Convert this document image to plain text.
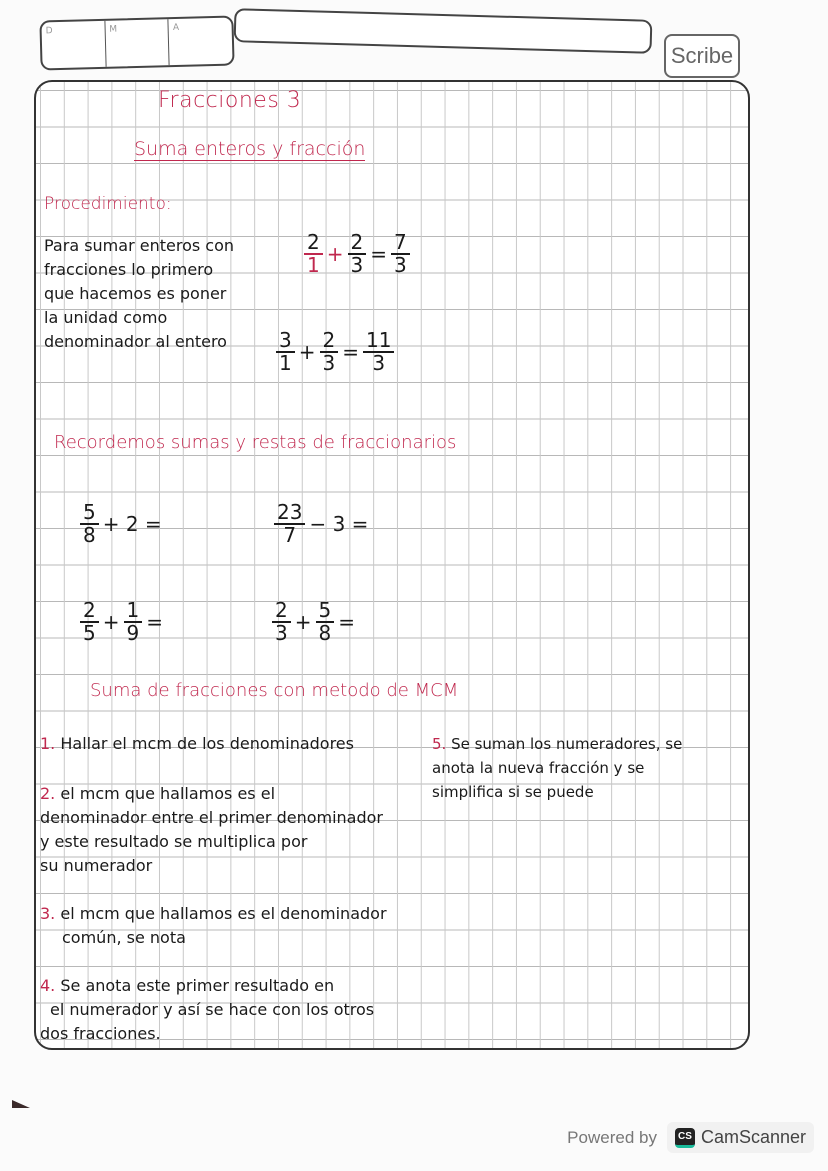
D	M	A
Scribe
Fracciones 3
Suma enteros y fracción
Procedimiento:
Para sumar enteros con
fracciones lo primero
que hacemos es poner
la unidad como
denominador al entero
$\frac{2}{1} + \frac{2}{3} = \frac{7}{3}$
$\frac{3}{1} + \frac{2}{3} = \frac{11}{3}$
Recordemos sumas y restas de fraccionarios
$\frac{5}{8} + 2$ =	$\frac{23}{7} - 3$ =
$\frac{2}{5} + \frac{1}{9}$ =	$\frac{2}{3} + \frac{5}{8}$ =
Suma de fracciones con metodo de MCM
1. Hallar el mcm de los denominadores
2. el mcm que hallamos es el
denominador entre el primer denominador
y este resultado se multiplica por
su numerador
3. el mcm que hallamos es el denominador
común, se nota
4. Se anota este primer resultado en
el numerador y así se hace con los otros
dos fracciones.
5. Se suman los numeradores, se
anota la nueva fracción y se
simplifica si se puede
Powered by	CS CamScanner
